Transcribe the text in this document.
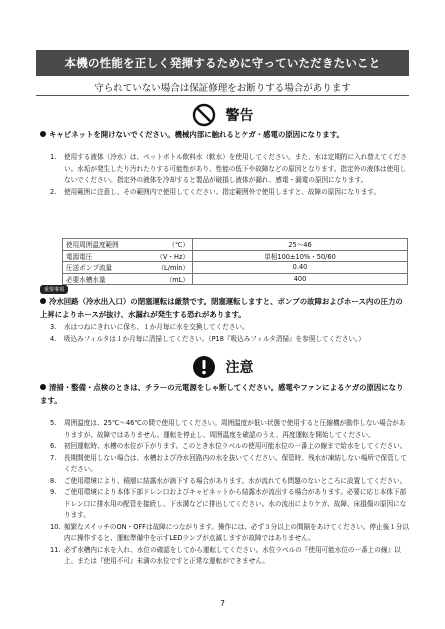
本機の性能を正しく発揮するために守っていただきたいこと
守られていない場合は保証修理をお断りする場合があります
警告
キャビネットを開けないでください。機械内部に触れるとケガ・感電の原因になります。
1.	使用する液体（冷水）は、ペットボトル飲料水（軟水）を使用してください。また、水は定期的に入れ替えてください。水垢が発生したり汚れたりする可能性があり、性能の低下や故障などの原因となります。指定外の液体は使用しないでください。指定外の液体を冷却すると製品が破損し液体が漏れ、感電・漏電の原因になります。
2.	使用範囲に注意し、その範囲内で使用してください。指定範囲外で使用しますと、故障の原因になります。
使用周囲温度範囲	（℃）	25～46
電源電圧	（V・Hz）	単相100±10%・50/60
圧送ポンプ流量	（L/min）	0.40
必要水槽水量	（mL）	400
重要事項
冷水回路（冷水出入口）の閉塞運転は厳禁です。閉塞運転しますと、ポンプの故障およびホース内の圧力の上昇によりホースが抜け、水漏れが発生する恐れがあります。
3.	水はつねにきれいに保ち、１か月毎に水を交換してください。
4.	吸込みフィルタは１か月毎に清掃してください。（P18『吸込みフィルタ清掃』を参照してください。）
注意
清掃・整備・点検のときは、チラーの元電源をしゃ断してください。感電やファンによるケガの原因になります。
5.	周囲温度は、25℃～46℃の間で使用してください。周囲温度が低い状態で使用すると圧縮機が動作しない場合がありますが、故障ではありません。運転を停止し、周囲温度を確認のうえ、再度運転を開始してください。
6.	初回運転時、水槽の水位が下がります。このとき水位ラベルの使用可能水位の一番上の線まで給水をしてください。
7.	長期間使用しない場合は、水槽および冷水回路内の水を抜いてください。保管時、残水が凍結しない場所で保管してください。
8.	ご使用環境により、積層に結露水が滴下する場合があります。水が流れても問題のないところに設置してください。
9.	ご使用環境により本体下部ドレン口およびキャビネットから結露水が流出する場合があります。必要に応じ本体下部ドレン口に排水用の配管を接続し、下水溝などに排出してください。水の流出によりケガ、故障、床損傷の原因になります。
10. 頻繁なスイッチのON・OFFは故障につながります。操作には、必ず３分以上の間隔をあけてください。停止後１分以内に操作すると、運転準備中を示すLEDランプが点滅しますが故障ではありません。
11. 必ず水槽内に水を入れ、水位の確認をしてから運転してください。水位ラベルの『使用可能水位の一番上の線』以上、または『使用不可』未満の水位ですと正常な運転ができません。
7
